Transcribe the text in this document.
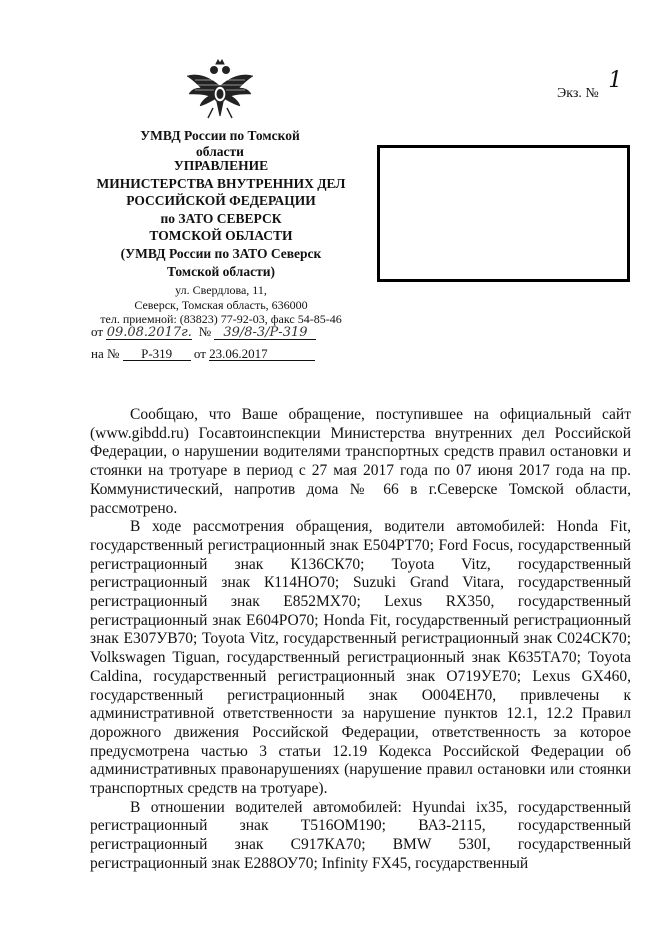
Экз. № 1
УМВД России по Томской области
УПРАВЛЕНИЕ
МИНИСТЕРСТВА ВНУТРЕННИХ ДЕЛ
РОССИЙСКОЙ ФЕДЕРАЦИИ
по ЗАТО СЕВЕРСК
ТОМСКОЙ ОБЛАСТИ
(УМВД России по ЗАТО Северск
Томской области)
ул. Свердлова, 11,
Северск, Томская область, 636000
тел. приемной: (83823) 77-92-03, факс 54-85-46
от 09.08.2017г. № 39/8-3/Р-319
на № Р-319 от 23.06.2017

Сообщаю, что Ваше обращение, поступившее на официальный сайт (www.gibdd.ru) Госавтоинспекции Министерства внутренних дел Российской Федерации, о нарушении водителями транспортных средств правил остановки и стоянки на тротуаре в период с 27 мая 2017 года по 07 июня 2017 года на пр. Коммунистический, напротив дома № 66 в г.Северске Томской области, рассмотрено.

В ходе рассмотрения обращения, водители автомобилей: Honda Fit, государственный регистрационный знак Е504РТ70; Ford Focus, государственный регистрационный знак К136СК70; Toyota Vitz, государственный регистрационный знак К114НО70; Suzuki Grand Vitara, государственный регистрационный знак Е852МХ70; Lexus RX350, государственный регистрационный знак Е604РО70; Honda Fit, государственный регистрационный знак Е307УВ70; Toyota Vitz, государственный регистрационный знак С024СК70; Volkswagen Tiguan, государственный регистрационный знак К635ТА70; Toyota Caldina, государственный регистрационный знак О719УЕ70; Lexus GX460, государственный регистрационный знак О004ЕН70, привлечены к административной ответственности за нарушение пунктов 12.1, 12.2 Правил дорожного движения Российской Федерации, ответственность за которое предусмотрена частью 3 статьи 12.19 Кодекса Российской Федерации об административных правонарушениях (нарушение правил остановки или стоянки транспортных средств на тротуаре).

В отношении водителей автомобилей: Hyundai ix35, государственный регистрационный знак Т516ОМ190; ВАЗ-2115, государственный регистрационный знак С917КА70; BMW 530I, государственный регистрационный знак Е288ОУ70; Infinity FX45, государственный
